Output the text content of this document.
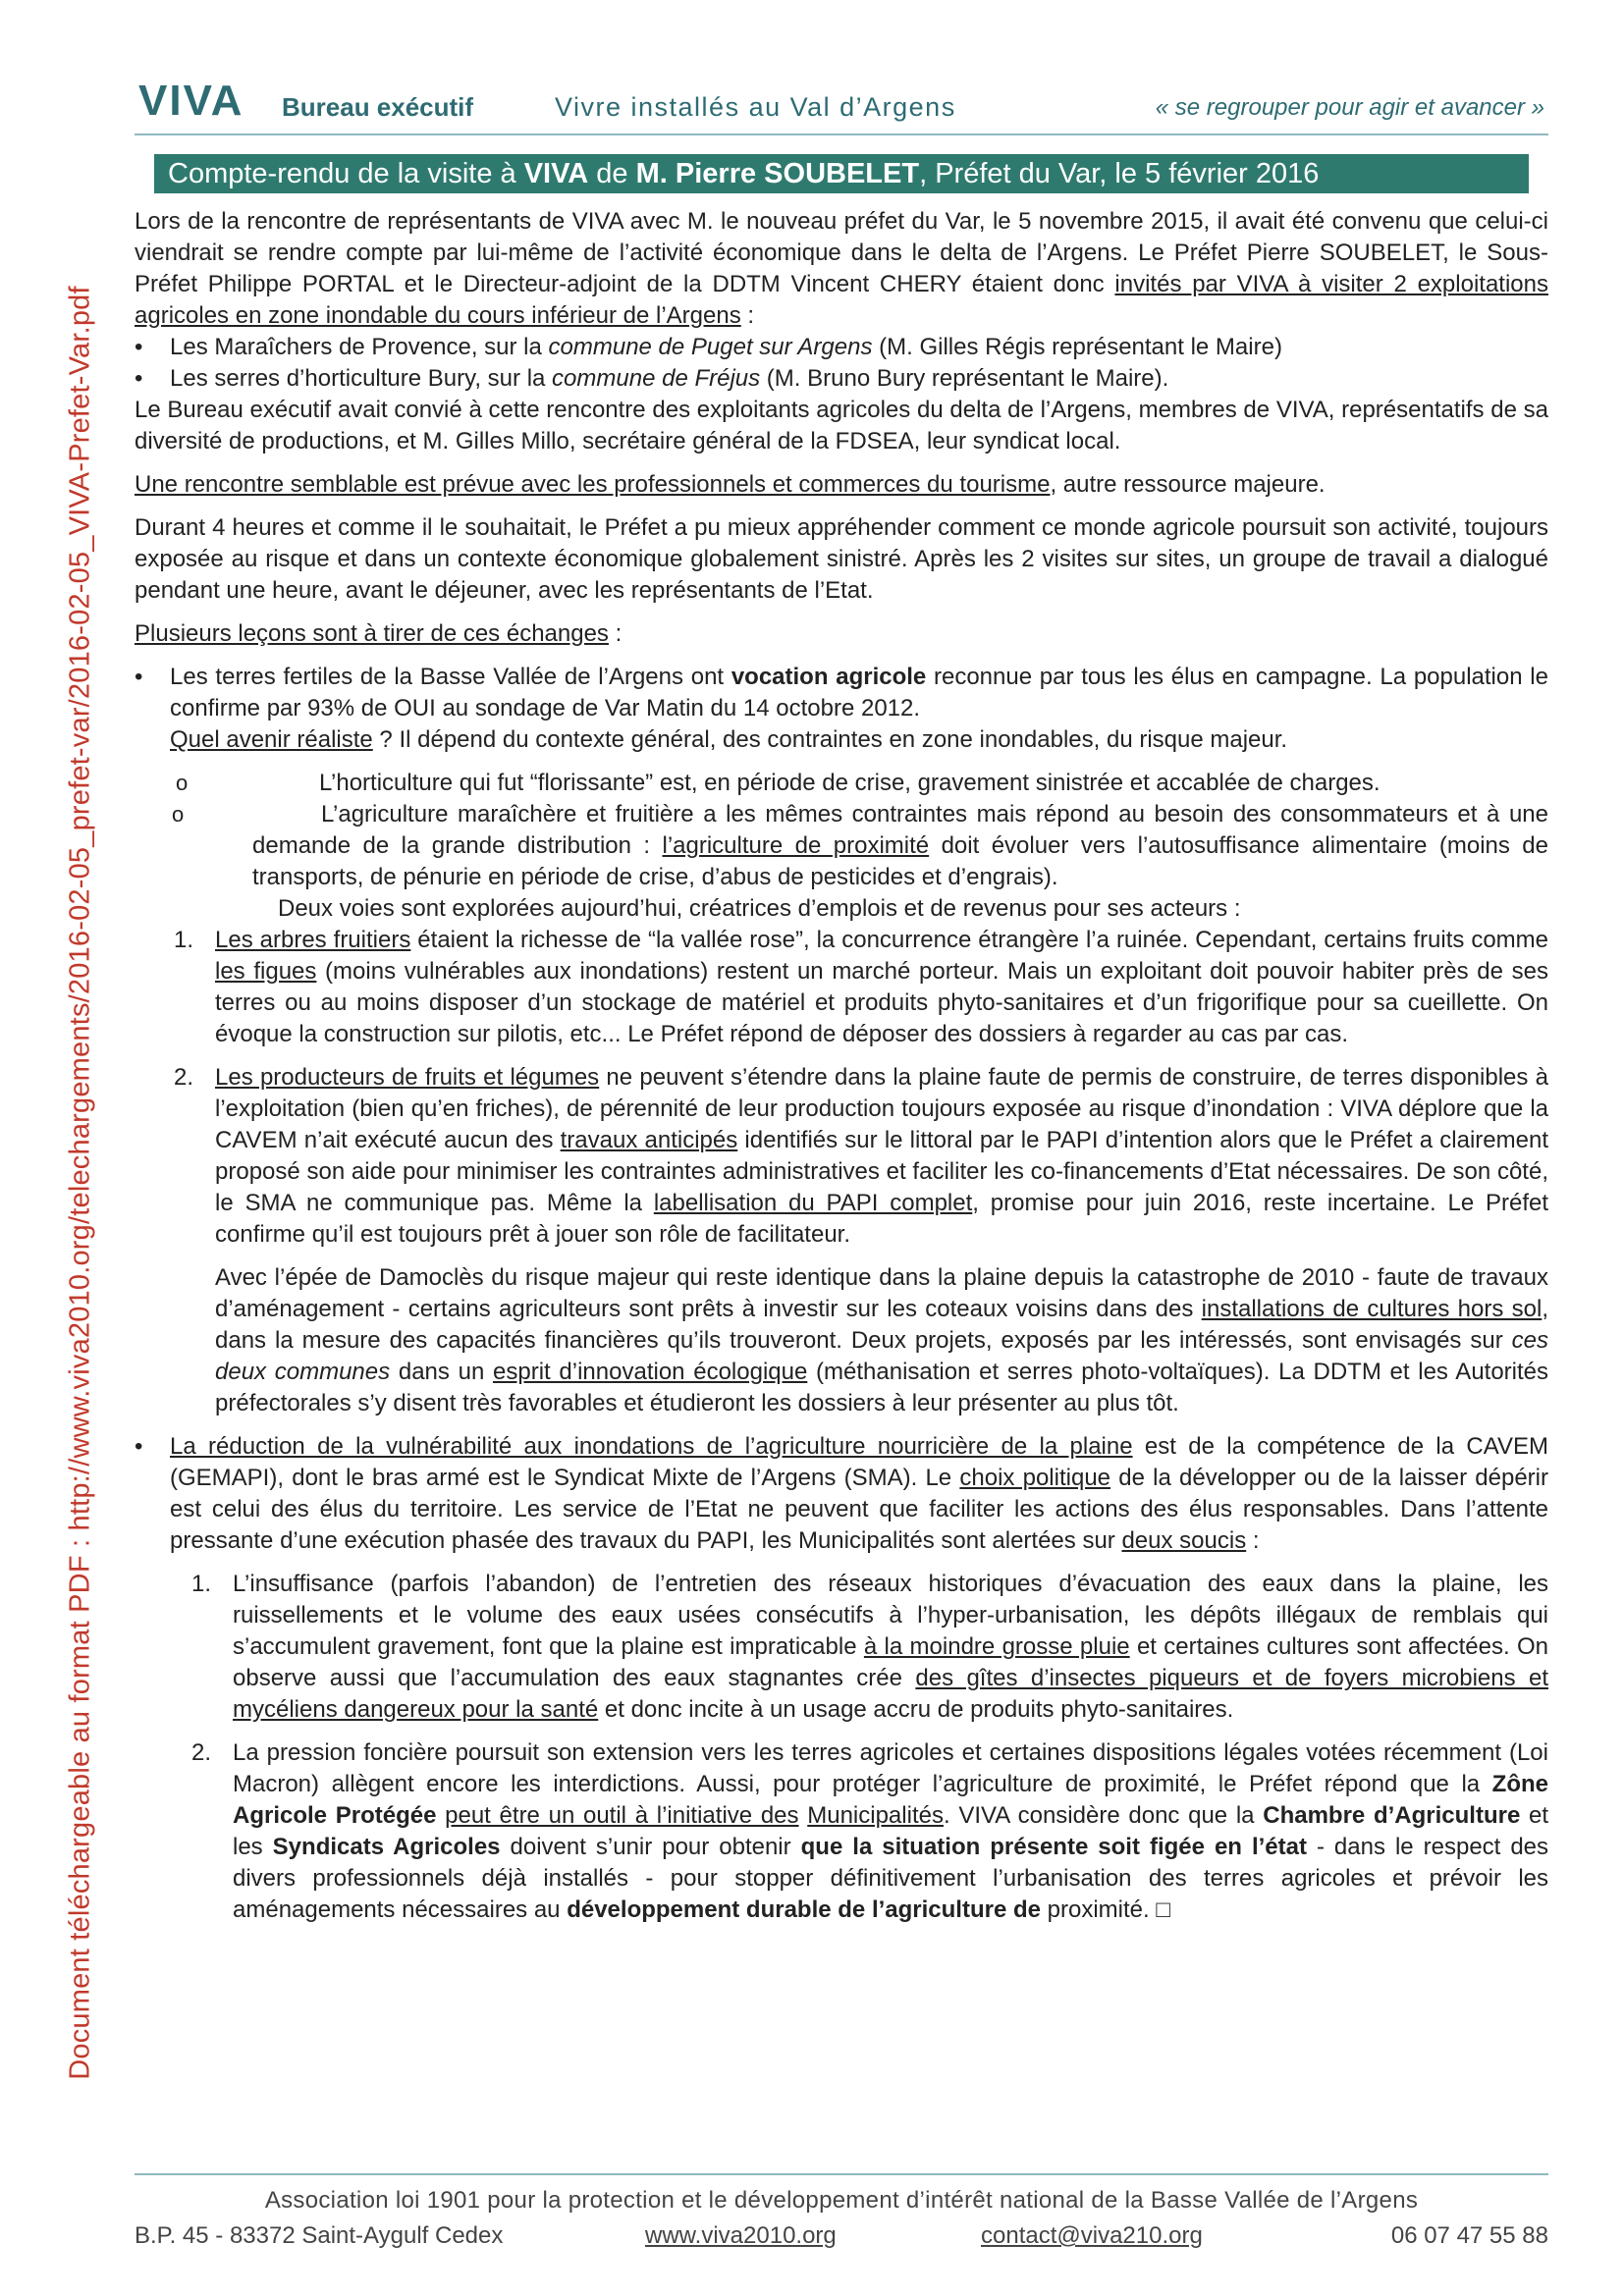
Document téléchargeable au format PDF : http://www.viva2010.org/telechargements/2016-02-05_prefet-var/2016-02-05_VIVA-Prefet-Var.pdf
VIVA Bureau exécutif	Vivre installés au Val d’Argens	« se regrouper pour agir et avancer »
Compte-rendu de la visite à VIVA de M. Pierre SOUBELET, Préfet du Var, le 5 février 2016

Lors de la rencontre de représentants de VIVA avec M. le nouveau préfet du Var, le 5 novembre 2015, il avait été convenu que celui-ci viendrait se rendre compte par lui-même de l’activité économique dans le delta de l’Argens. Le Préfet Pierre SOUBELET, le Sous-Préfet Philippe PORTAL et le Directeur-adjoint de la DDTM Vincent CHERY étaient donc invités par VIVA à visiter 2 exploitations agricoles en zone inondable du cours inférieur de l’Argens :

• Les Maraîchers de Provence, sur la commune de Puget sur Argens (M. Gilles Régis représentant le Maire)
• Les serres d’horticulture Bury, sur la commune de Fréjus (M. Bruno Bury représentant le Maire).

Le Bureau exécutif avait convié à cette rencontre des exploitants agricoles du delta de l’Argens, membres de VIVA, représentatifs de sa diversité de productions, et M. Gilles Millo, secrétaire général de la FDSEA, leur syndicat local.

Une rencontre semblable est prévue avec les professionnels et commerces du tourisme, autre ressource majeure.

Durant 4 heures et comme il le souhaitait, le Préfet a pu mieux appréhender comment ce monde agricole poursuit son activité, toujours exposée au risque et dans un contexte économique globalement sinistré. Après les 2 visites sur sites, un groupe de travail a dialogué pendant une heure, avant le déjeuner, avec les représentants de l’Etat.

Plusieurs leçons sont à tirer de ces échanges :

• Les terres fertiles de la Basse Vallée de l’Argens ont vocation agricole reconnue par tous les élus en campagne. La population le confirme par 93% de OUI au sondage de Var Matin du 14 octobre 2012.
Quel avenir réaliste ? Il dépend du contexte général, des contraintes en zone inondables, du risque majeur.
o	L’horticulture qui fut “florissante” est, en période de crise, gravement sinistrée et accablée de charges.
o	L’agriculture maraîchère et fruitière a les mêmes contraintes mais répond au besoin des consommateurs et à une demande de la grande distribution : l’agriculture de proximité doit évoluer vers l’autosuffisance alimentaire (moins de transports, de pénurie en période de crise, d’abus de pesticides et d’engrais).

Deux voies sont explorées aujourd’hui, créatrices d’emplois et de revenus pour ses acteurs :

1. Les arbres fruitiers étaient la richesse de “la vallée rose”, la concurrence étrangère l’a ruinée. Cependant, certains fruits comme les figues (moins vulnérables aux inondations) restent un marché porteur. Mais un exploitant doit pouvoir habiter près de ses terres ou au moins disposer d’un stockage de matériel et produits phyto-sanitaires et d’un frigorifique pour sa cueillette. On évoque la construction sur pilotis, etc... Le Préfet répond de déposer des dossiers à regarder au cas par cas.
2. Les producteurs de fruits et légumes ne peuvent s’étendre dans la plaine faute de permis de construire, de terres disponibles à l’exploitation (bien qu’en friches), de pérennité de leur production toujours exposée au risque d’inondation : VIVA déplore que la CAVEM n’ait exécuté aucun des travaux anticipés identifiés sur le littoral par le PAPI d’intention alors que le Préfet a clairement proposé son aide pour minimiser les contraintes administratives et faciliter les co-financements d’Etat nécessaires. De son côté, le SMA ne communique pas. Même la labellisation du PAPI complet, promise pour juin 2016, reste incertaine. Le Préfet confirme qu’il est toujours prêt à jouer son rôle de facilitateur.

Avec l’épée de Damoclès du risque majeur qui reste identique dans la plaine depuis la catastrophe de 2010 - faute de travaux d’aménagement - certains agriculteurs sont prêts à investir sur les coteaux voisins dans des installations de cultures hors sol, dans la mesure des capacités financières qu’ils trouveront. Deux projets, exposés par les intéressés, sont envisagés sur ces deux communes dans un esprit d’innovation écologique (méthanisation et serres photo-voltaïques). La DDTM et les Autorités préfectorales s’y disent très favorables et étudieront les dossiers à leur présenter au plus tôt.

• La réduction de la vulnérabilité aux inondations de l’agriculture nourricière de la plaine est de la compétence de la CAVEM (GEMAPI), dont le bras armé est le Syndicat Mixte de l’Argens (SMA). Le choix politique de la développer ou de la laisser dépérir est celui des élus du territoire. Les service de l’Etat ne peuvent que faciliter les actions des élus responsables. Dans l’attente pressante d’une exécution phasée des travaux du PAPI, les Municipalités sont alertées sur deux soucis :
1. L’insuffisance (parfois l’abandon) de l’entretien des réseaux historiques d’évacuation des eaux dans la plaine, les ruissellements et le volume des eaux usées consécutifs à l’hyper-urbanisation, les dépôts illégaux de remblais qui s’accumulent gravement, font que la plaine est impraticable à la moindre grosse pluie et certaines cultures sont affectées. On observe aussi que l’accumulation des eaux stagnantes crée des gîtes d’insectes piqueurs et de foyers microbiens et mycéliens dangereux pour la santé et donc incite à un usage accru de produits phyto-sanitaires.
2. La pression foncière poursuit son extension vers les terres agricoles et certaines dispositions légales votées récemment (Loi Macron) allègent encore les interdictions. Aussi, pour protéger l’agriculture de proximité, le Préfet répond que la Zône Agricole Protégée peut être un outil à l’initiative des Municipalités. VIVA considère donc que la Chambre d’Agriculture et les Syndicats Agricoles doivent s’unir pour obtenir que la situation présente soit figée en l’état - dans le respect des divers professionnels déjà installés - pour stopper définitivement l’urbanisation des terres agricoles et prévoir les aménagements nécessaires au développement durable de l’agriculture de proximité. □
Association loi 1901 pour la protection et le développement d’intérêt national de la Basse Vallée de l’Argens
B.P. 45 - 83372 Saint-Aygulf Cedex	www.viva2010.org	contact@viva210.org	06 07 47 55 88
